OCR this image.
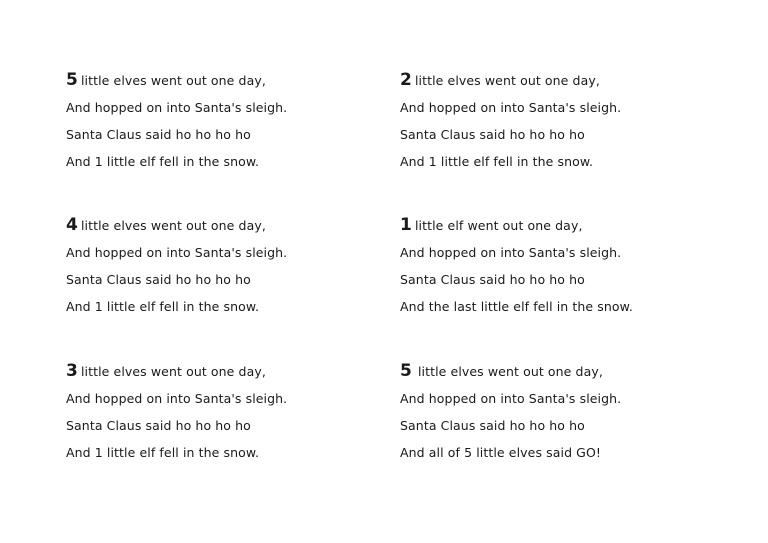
5 little elves went out one day,
And hopped on into Santa's sleigh.
Santa Claus said ho ho ho ho
And 1 little elf fell in the snow.
4 little elves went out one day,
And hopped on into Santa's sleigh.
Santa Claus said ho ho ho ho
And 1 little elf fell in the snow.
3 little elves went out one day,
And hopped on into Santa's sleigh.
Santa Claus said ho ho ho ho
And 1 little elf fell in the snow.
2 little elves went out one day,
And hopped on into Santa's sleigh.
Santa Claus said ho ho ho ho
And 1 little elf fell in the snow.
1 little elf went out one day,
And hopped on into Santa's sleigh.
Santa Claus said ho ho ho ho
And the last little elf fell in the snow.
5 little elves went out one day,
And hopped on into Santa's sleigh.
Santa Claus said ho ho ho ho
And all of 5 little elves said GO!
